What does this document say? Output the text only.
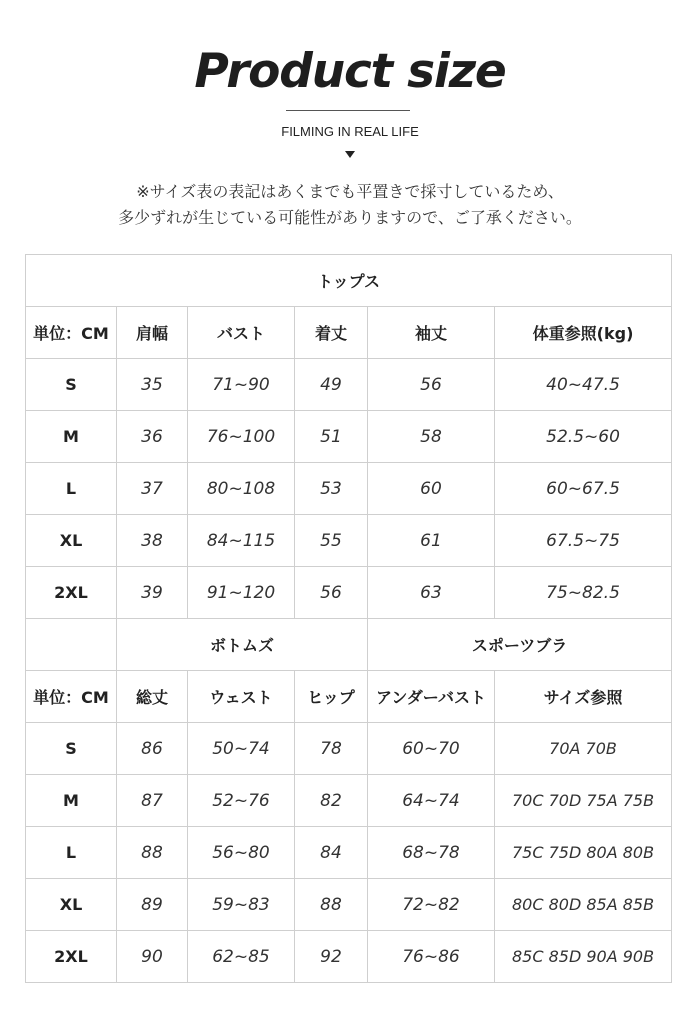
Product size
FILMING IN REAL LIFE
※サイズ表の表記はあくまでも平置きで採寸しているため、
多少ずれが生じている可能性がありますので、ご了承ください。
トップス					
単位：CM	肩幅	バスト	着丈	袖丈	体重参照(kg)
S	35	71~90	49	56	40~47.5
M	36	76~100	51	58	52.5~60
L	37	80~108	53	60	60~67.5
XL	38	84~115	55	61	67.5~75
2XL	39	91~120	56	63	75~82.5
	ボトムズ			スポーツブラ	
単位：CM	総丈	ウェスト	ヒップ	アンダーバスト	サイズ参照
S	86	50~74	78	60~70	70A 70B
M	87	52~76	82	64~74	70C 70D 75A 75B
L	88	56~80	84	68~78	75C 75D 80A 80B
XL	89	59~83	88	72~82	80C 80D 85A 85B
2XL	90	62~85	92	76~86	85C 85D 90A 90B
